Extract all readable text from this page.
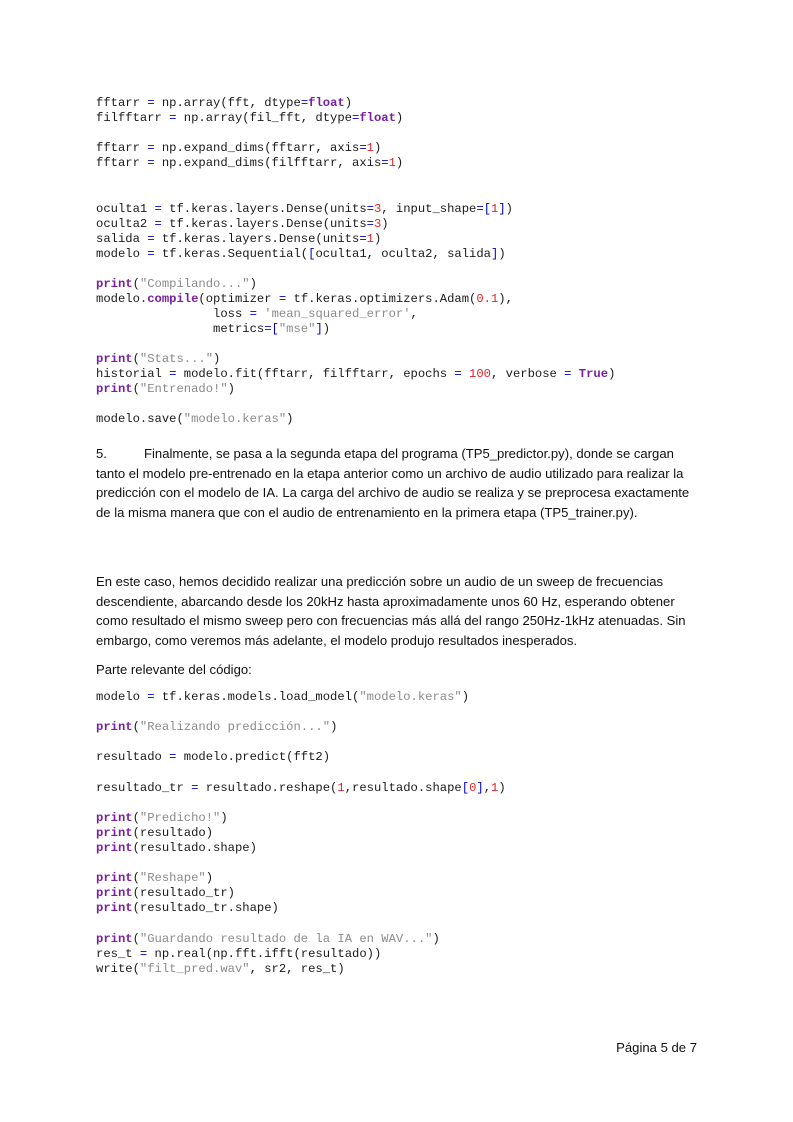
fftarr = np.array(fft, dtype=float)
filfftarr = np.array(fil_fft, dtype=float)

fftarr = np.expand_dims(fftarr, axis=1)
fftarr = np.expand_dims(filfftarr, axis=1)
oculta1 = tf.keras.layers.Dense(units=3, input_shape=[1])
oculta2 = tf.keras.layers.Dense(units=3)
salida = tf.keras.layers.Dense(units=1)
modelo = tf.keras.Sequential([oculta1, oculta2, salida])
print("Compilando...")
modelo.compile(optimizer = tf.keras.optimizers.Adam(0.1),
loss = 'mean_squared_error',
metrics=["mse"])
print("Stats...")
historial = modelo.fit(fftarr, filfftarr, epochs = 100, verbose = True)
print("Entrenado!")
modelo.save("modelo.keras")

5.	Finalmente, se pasa a la segunda etapa del programa (TP5_predictor.py), donde se cargan tanto el modelo pre-entrenado en la etapa anterior como un archivo de audio utilizado para realizar la predicción con el modelo de IA. La carga del archivo de audio se realiza y se preprocesa exactamente de la misma manera que con el audio de entrenamiento en la primera etapa (TP5_trainer.py).

En este caso, hemos decidido realizar una predicción sobre un audio de un sweep de frecuencias descendiente, abarcando desde los 20kHz hasta aproximadamente unos 60 Hz, esperando obtener como resultado el mismo sweep pero con frecuencias más allá del rango 250Hz-1kHz atenuadas. Sin embargo, como veremos más adelante, el modelo produjo resultados inesperados.

Parte relevante del código:

modelo = tf.keras.models.load_model("modelo.keras")
print("Realizando predicción...")
resultado = modelo.predict(fft2)
resultado_tr = resultado.reshape(1,resultado.shape[0],1)
print("Predicho!")
print(resultado)
print(resultado.shape)
print("Reshape")
print(resultado_tr)
print(resultado_tr.shape)
print("Guardando resultado de la IA en WAV...")
res_t = np.real(np.fft.ifft(resultado))
write("filt_pred.wav", sr2, res_t)
Página 5 de 7
